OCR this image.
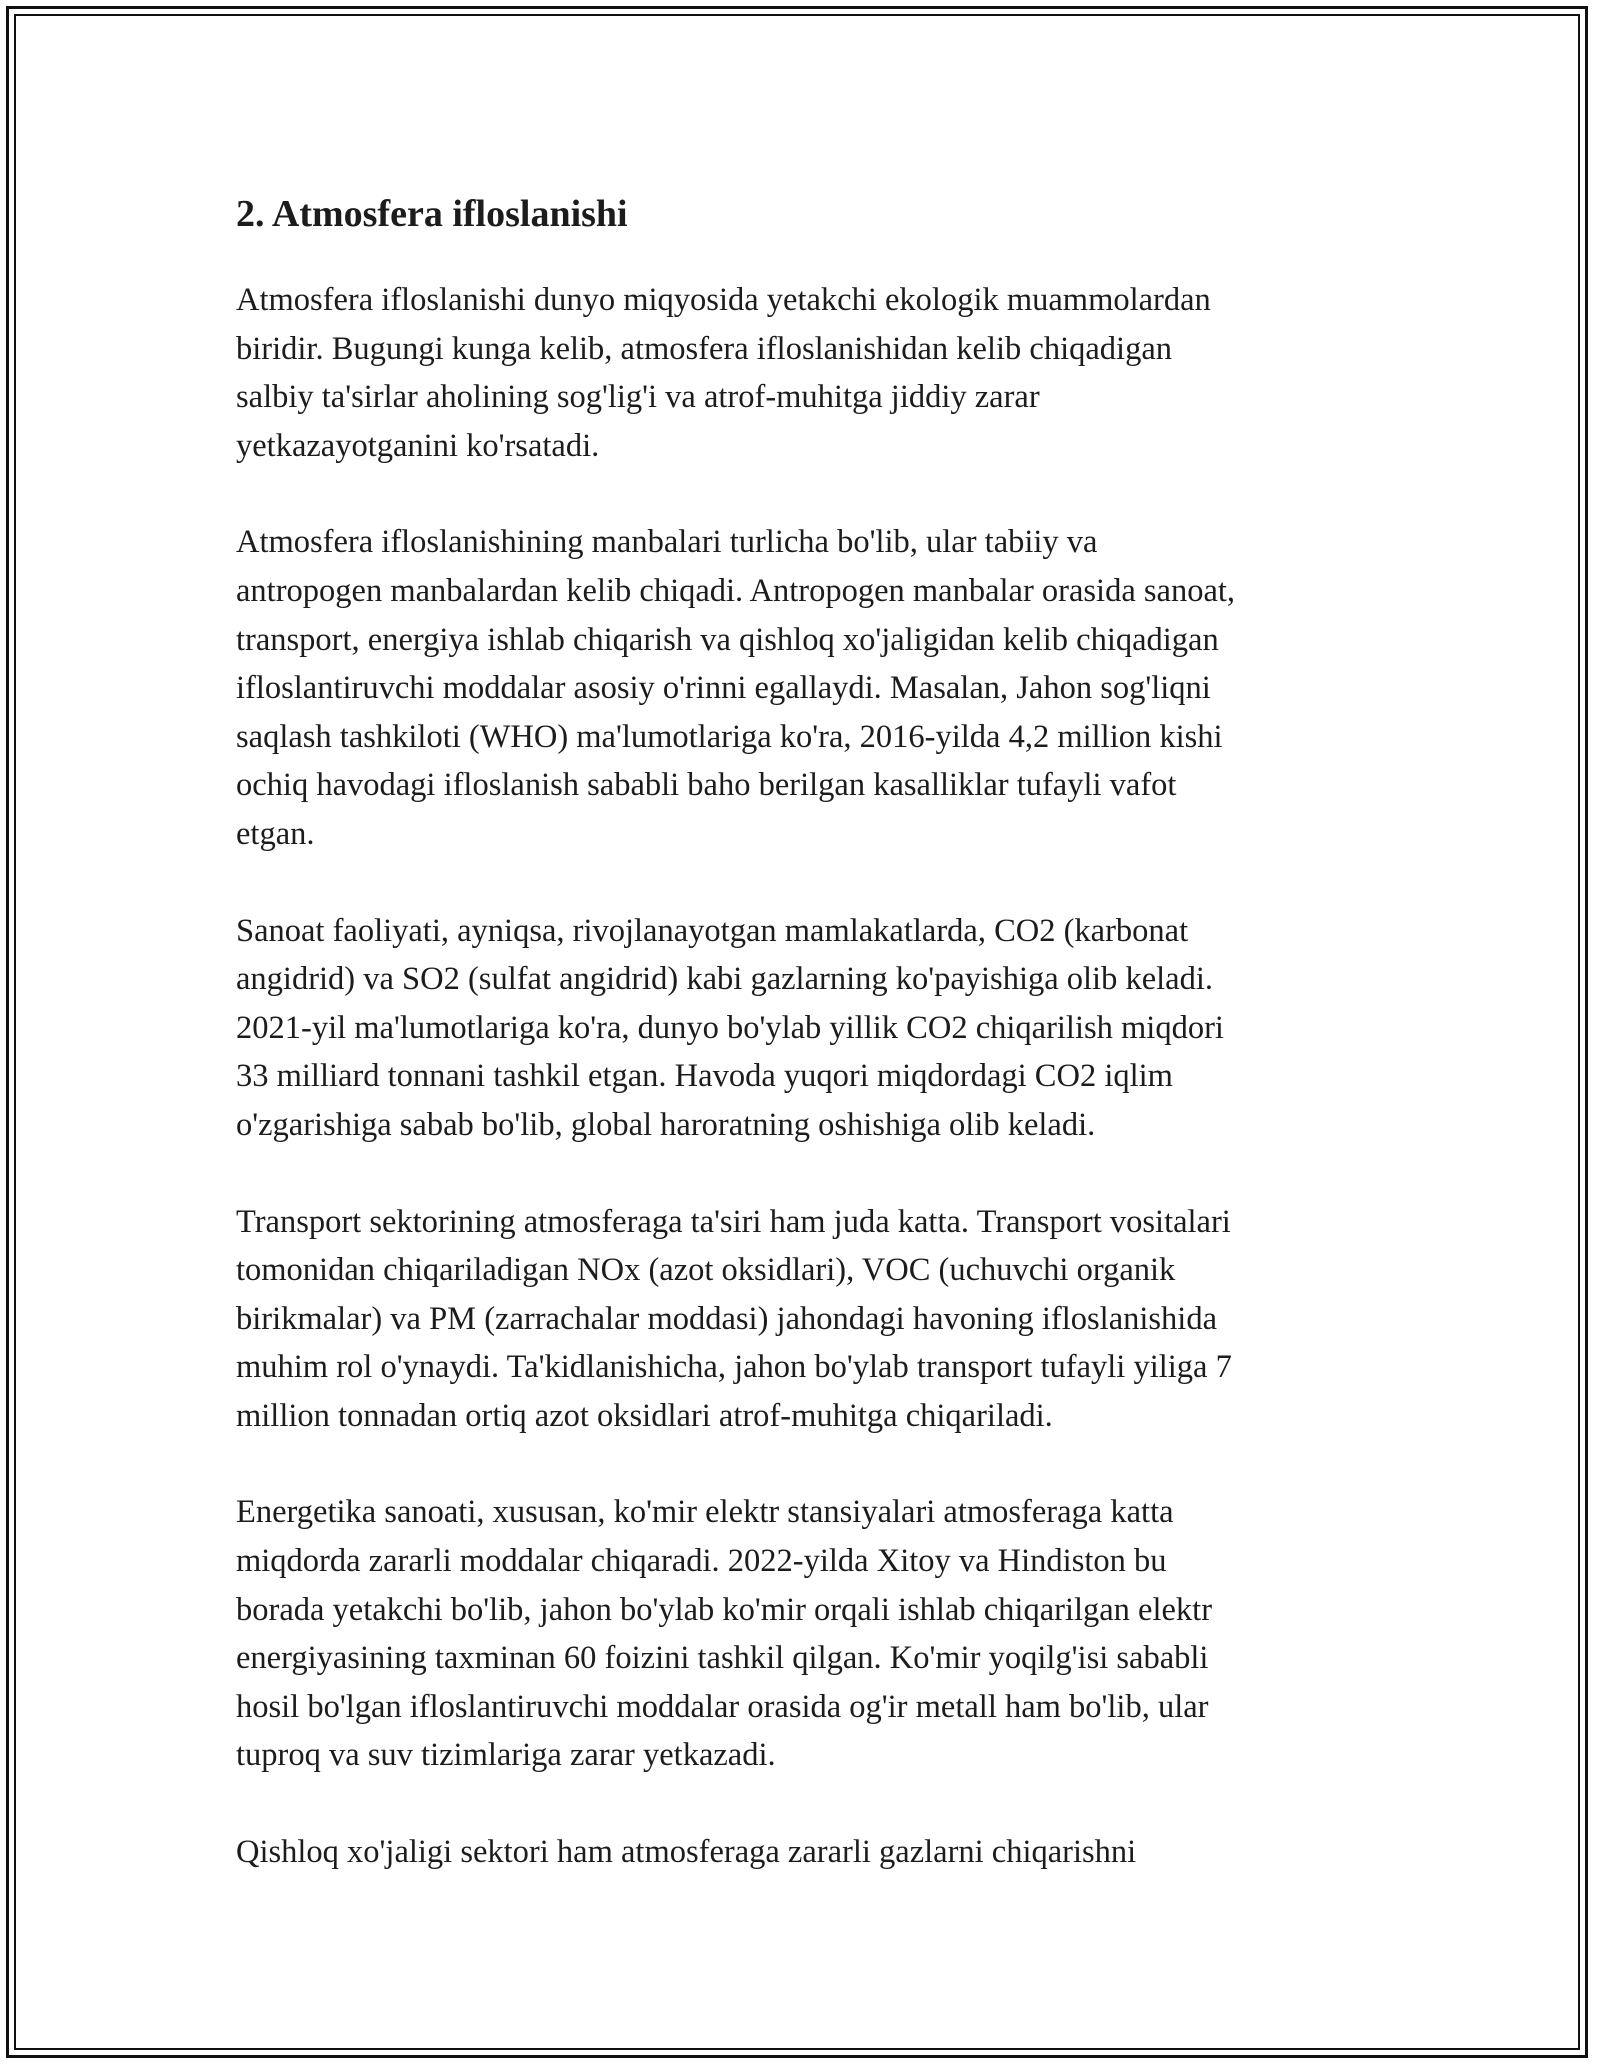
2. Atmosfera ifloslanishi

Atmosfera ifloslanishi dunyo miqyosida yetakchi ekologik muammolardan
biridir. Bugungi kunga kelib, atmosfera ifloslanishidan kelib chiqadigan
salbiy ta'sirlar aholining sog'lig'i va atrof-muhitga jiddiy zarar
yetkazayotganini ko'rsatadi.

Atmosfera ifloslanishining manbalari turlicha bo'lib, ular tabiiy va
antropogen manbalardan kelib chiqadi. Antropogen manbalar orasida sanoat,
transport, energiya ishlab chiqarish va qishloq xo'jaligidan kelib chiqadigan
ifloslantiruvchi moddalar asosiy o'rinni egallaydi. Masalan, Jahon sog'liqni
saqlash tashkiloti (WHO) ma'lumotlariga ko'ra, 2016-yilda 4,2 million kishi
ochiq havodagi ifloslanish sababli baho berilgan kasalliklar tufayli vafot
etgan.

Sanoat faoliyati, ayniqsa, rivojlanayotgan mamlakatlarda, CO2 (karbonat
angidrid) va SO2 (sulfat angidrid) kabi gazlarning ko'payishiga olib keladi.
2021-yil ma'lumotlariga ko'ra, dunyo bo'ylab yillik CO2 chiqarilish miqdori
33 milliard tonnani tashkil etgan. Havoda yuqori miqdordagi CO2 iqlim
o'zgarishiga sabab bo'lib, global haroratning oshishiga olib keladi.

Transport sektorining atmosferaga ta'siri ham juda katta. Transport vositalari
tomonidan chiqariladigan NOx (azot oksidlari), VOC (uchuvchi organik
birikmalar) va PM (zarrachalar moddasi) jahondagi havoning ifloslanishida
muhim rol o'ynaydi. Ta'kidlanishicha, jahon bo'ylab transport tufayli yiliga 7
million tonnadan ortiq azot oksidlari atrof-muhitga chiqariladi.

Energetika sanoati, xususan, ko'mir elektr stansiyalari atmosferaga katta
miqdorda zararli moddalar chiqaradi. 2022-yilda Xitoy va Hindiston bu
borada yetakchi bo'lib, jahon bo'ylab ko'mir orqali ishlab chiqarilgan elektr
energiyasining taxminan 60 foizini tashkil qilgan. Ko'mir yoqilg'isi sababli
hosil bo'lgan ifloslantiruvchi moddalar orasida og'ir metall ham bo'lib, ular
tuproq va suv tizimlariga zarar yetkazadi.

Qishloq xo'jaligi sektori ham atmosferaga zararli gazlarni chiqarishni
